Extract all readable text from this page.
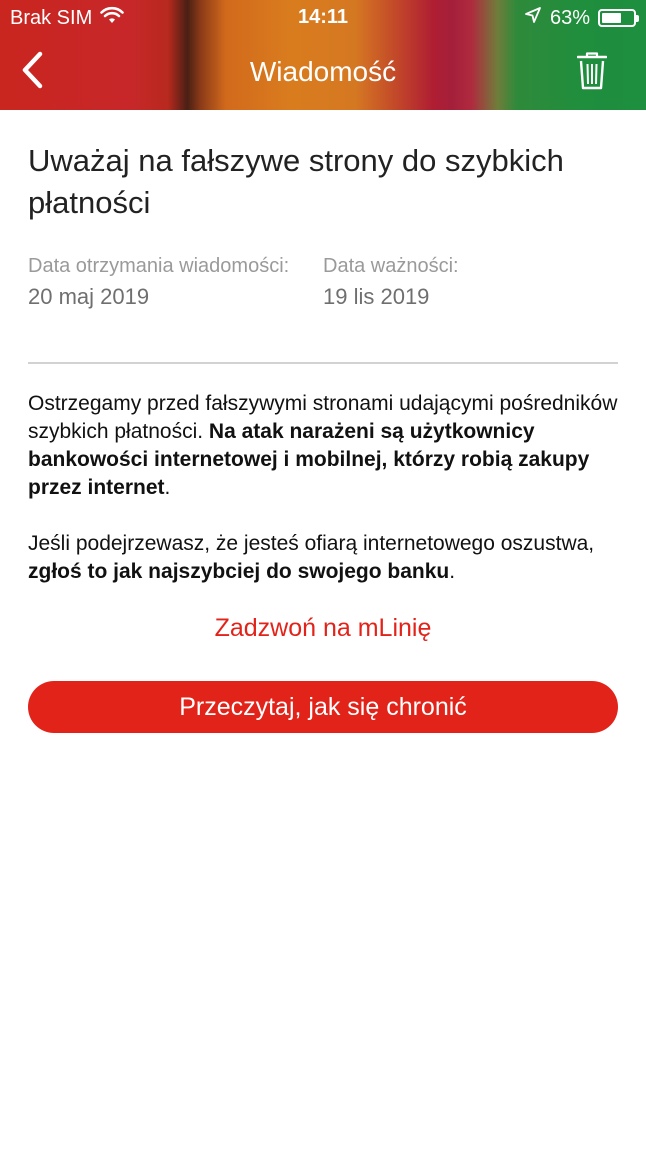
Brak SIM	14:11	63%
Wiadomość
Uważaj na fałszywe strony do szybkich płatności
Data otrzymania wiadomości:
20 maj 2019
Data ważności:
19 lis 2019

Ostrzegamy przed fałszywymi stronami udającymi pośredników szybkich płatności. Na atak narażeni są użytkownicy bankowości internetowej i mobilnej, którzy robią zakupy przez internet.

Jeśli podejrzewasz, że jesteś ofiarą internetowego oszustwa, zgłoś to jak najszybciej do swojego banku.

Zadzwoń na mLinię
Przeczytaj, jak się chronić
